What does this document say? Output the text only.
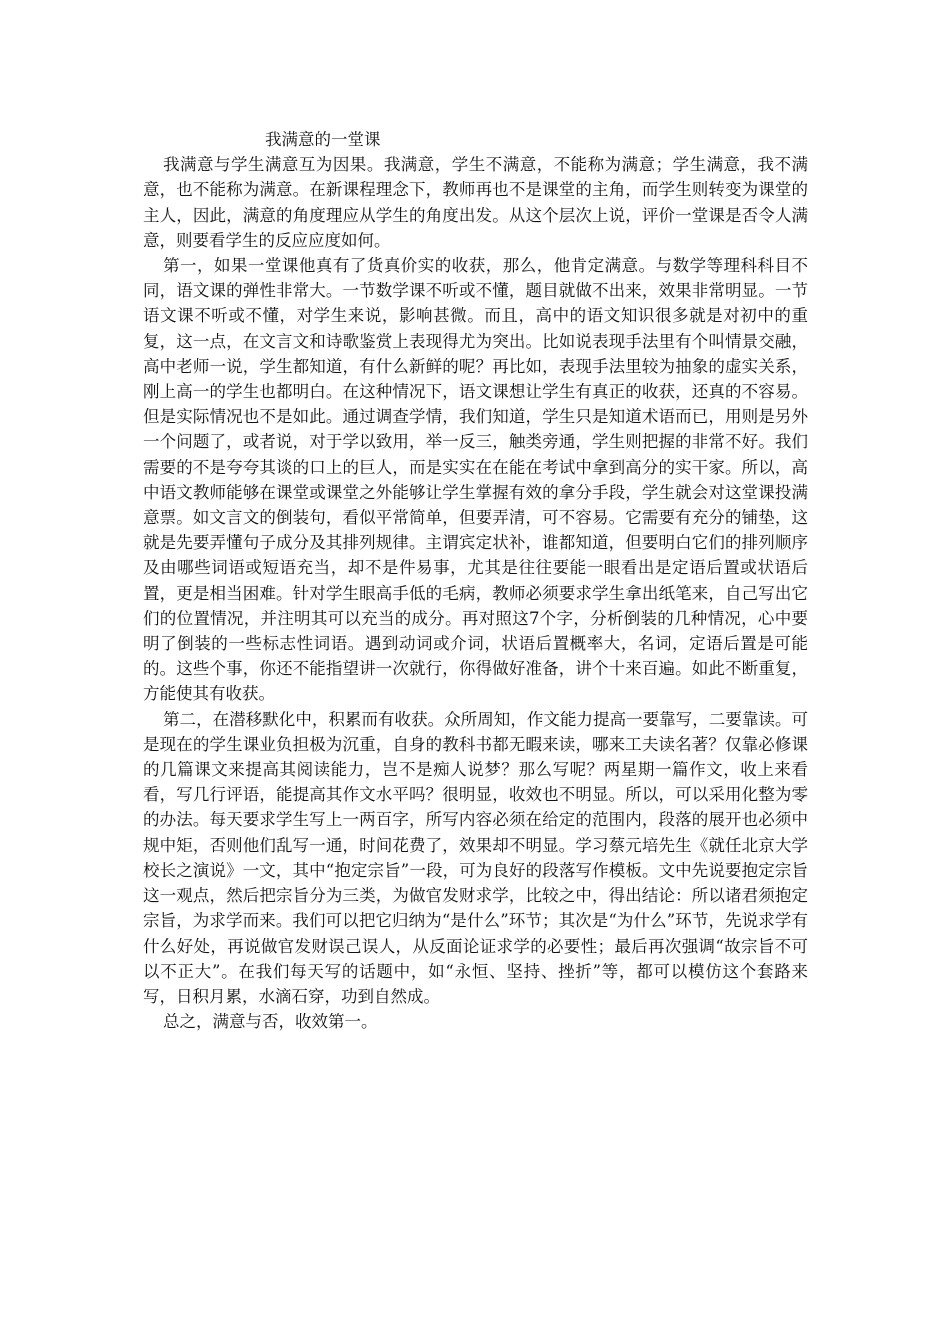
我满意的一堂课

我满意与学生满意互为因果。我满意，学生不满意，不能称为满意；学生满意，我不满意，也不能称为满意。在新课程理念下，教师再也不是课堂的主角，而学生则转变为课堂的主人，因此，满意的角度理应从学生的角度出发。从这个层次上说，评价一堂课是否令人满意，则要看学生的反应应度如何。

第一，如果一堂课他真有了货真价实的收获，那么，他肯定满意。与数学等理科科目不同，语文课的弹性非常大。一节数学课不听或不懂，题目就做不出来，效果非常明显。一节语文课不听或不懂，对学生来说，影响甚微。而且，高中的语文知识很多就是对初中的重复，这一点，在文言文和诗歌鉴赏上表现得尤为突出。比如说表现手法里有个叫情景交融，高中老师一说，学生都知道，有什么新鲜的呢？再比如，表现手法里较为抽象的虚实关系，刚上高一的学生也都明白。在这种情况下，语文课想让学生有真正的收获，还真的不容易。但是实际情况也不是如此。通过调查学情，我们知道，学生只是知道术语而已，用则是另外一个问题了，或者说，对于学以致用，举一反三，触类旁通，学生则把握的非常不好。我们需要的不是夸夸其谈的口上的巨人，而是实实在在能在考试中拿到高分的实干家。所以，高中语文教师能够在课堂或课堂之外能够让学生掌握有效的拿分手段，学生就会对这堂课投满意票。如文言文的倒装句，看似平常简单，但要弄清，可不容易。它需要有充分的铺垫，这就是先要弄懂句子成分及其排列规律。主谓宾定状补，谁都知道，但要明白它们的排列顺序及由哪些词语或短语充当，却不是件易事，尤其是往往要能一眼看出是定语后置或状语后置，更是相当困难。针对学生眼高手低的毛病，教师必须要求学生拿出纸笔来，自己写出它们的位置情况，并注明其可以充当的成分。再对照这7个字，分析倒装的几种情况，心中要明了倒装的一些标志性词语。遇到动词或介词，状语后置概率大，名词，定语后置是可能的。这些个事，你还不能指望讲一次就行，你得做好准备，讲个十来百遍。如此不断重复，方能使其有收获。

第二，在潜移默化中，积累而有收获。众所周知，作文能力提高一要靠写，二要靠读。可是现在的学生课业负担极为沉重，自身的教科书都无暇来读，哪来工夫读名著？仅靠必修课的几篇课文来提高其阅读能力，岂不是痴人说梦？那么写呢？两星期一篇作文，收上来看看，写几行评语，能提高其作文水平吗？很明显，收效也不明显。所以，可以采用化整为零的办法。每天要求学生写上一两百字，所写内容必须在给定的范围内，段落的展开也必须中规中矩，否则他们乱写一通，时间花费了，效果却不明显。学习蔡元培先生《就任北京大学校长之演说》一文，其中“抱定宗旨”一段，可为良好的段落写作模板。文中先说要抱定宗旨这一观点，然后把宗旨分为三类，为做官发财求学，比较之中，得出结论：所以诸君须抱定宗旨，为求学而来。我们可以把它归纳为“是什么”环节；其次是“为什么”环节，先说求学有什么好处，再说做官发财误己误人，从反面论证求学的必要性；最后再次强调“故宗旨不可以不正大”。在我们每天写的话题中，如“永恒、坚持、挫折”等，都可以模仿这个套路来写，日积月累，水滴石穿，功到自然成。

总之，满意与否，收效第一。
